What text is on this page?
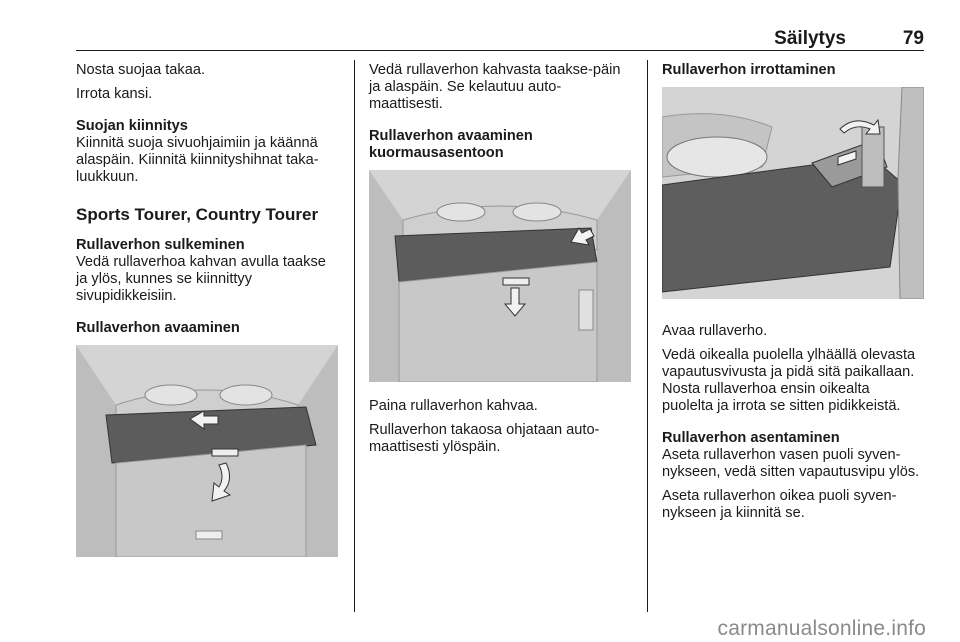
Säilytys	79

Nosta suojaa takaa.

Irrota kansi.

Suojan kiinnitys

Kiinnitä suoja sivuohjaimiin ja käännä alaspäin. Kiinnitä kiinnityshihnat taka-luukkuun.

Sports Tourer, Country Tourer

Rullaverhon sulkeminen

Vedä rullaverhoa kahvan avulla taakse ja ylös, kunnes se kiinnittyy sivupidikkeisiin.

Rullaverhon avaaminen

Vedä rullaverhon kahvasta taakse-päin ja alaspäin. Se kelautuu auto-maattisesti.

Rullaverhon avaaminen kuormausasentoon

Paina rullaverhon kahvaa.

Rullaverhon takaosa ohjataan auto-maattisesti ylöspäin.

Rullaverhon irrottaminen

Avaa rullaverho.

Vedä oikealla puolella ylhäällä olevasta vapautusvivusta ja pidä sitä paikallaan. Nosta rullaverhoa ensin oikealta puolelta ja irrota se sitten pidikkeistä.

Rullaverhon asentaminen

Aseta rullaverhon vasen puoli syven-nykseen, vedä sitten vapautusvipu ylös.

Aseta rullaverhon oikea puoli syven-nykseen ja kiinnitä se.

carmanualsonline.info
